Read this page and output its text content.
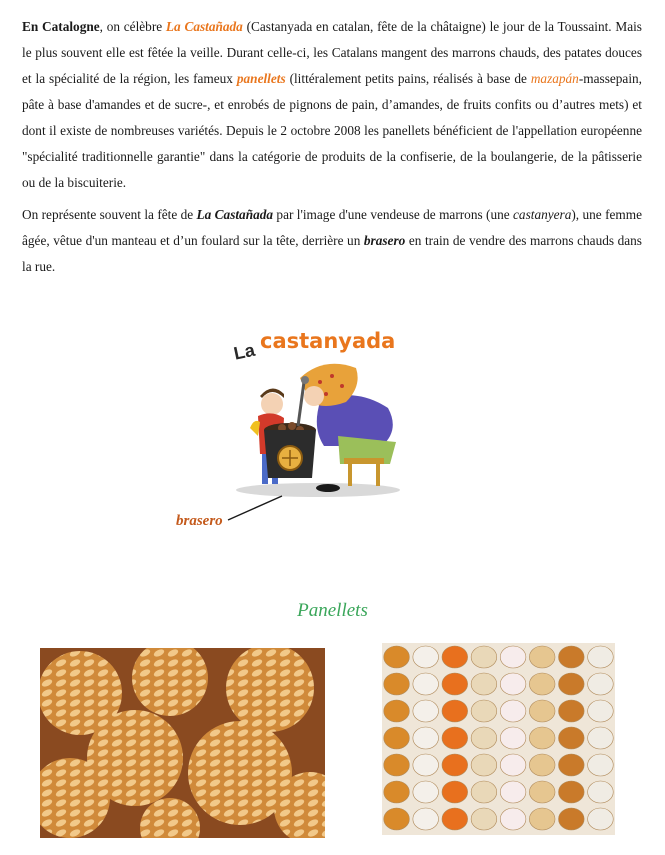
En Catalogne, on célèbre La Castañada (Castanyada en catalan, fête de la châtaigne) le jour de la Toussaint. Mais le plus souvent elle est fêtée la veille. Durant celle-ci, les Catalans mangent des marrons chauds, des patates douces et la spécialité de la région, les fameux panellets (littéralement petits pains, réalisés à base de mazapán-massepain, pâte à base d'amandes et de sucre-, et enrobés de pignons de pain, d’amandes, de fruits confits ou d’autres mets) et dont il existe de nombreuses variétés. Depuis le 2 octobre 2008 les panellets bénéficient de l'appellation européenne "spécialité traditionnelle garantie" dans la catégorie de produits de la confiserie, de la boulangerie, de la pâtisserie ou de la biscuiterie.

On représente souvent la fête de La Castañada par l'image d'une vendeuse de marrons (une castanyera), une femme âgée, vêtue d'un manteau et d’un foulard sur la tête, derrière un brasero en train de vendre des marrons chauds dans la rue.

La castanyada
brasero
Panellets
